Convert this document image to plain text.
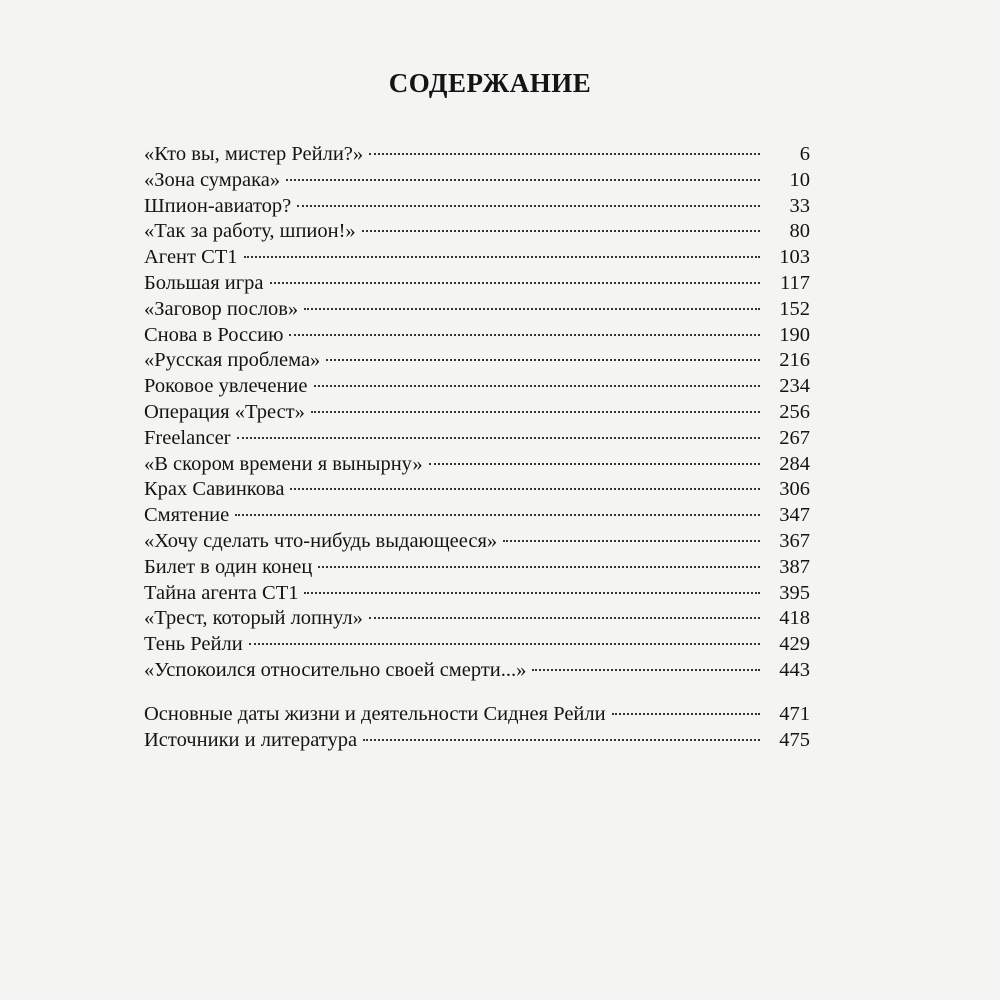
СОДЕРЖАНИЕ
«Кто вы, мистер Рейли?»	6
«Зона сумрака»	10
Шпион-авиатор?	33
«Так за работу, шпион!»	80
Агент СТ1	103
Большая игра	117
«Заговор послов»	152
Снова в Россию	190
«Русская проблема»	216
Роковое увлечение	234
Операция «Трест»	256
Freelancer	267
«В скором времени я вынырну»	284
Крах Савинкова	306
Смятение	347
«Хочу сделать что-нибудь выдающееся»	367
Билет в один конец	387
Тайна агента СТ1	395
«Трест, который лопнул»	418
Тень Рейли	429
«Успокоился относительно своей смерти...»	443
Основные даты жизни и деятельности Сиднея Рейли	471
Источники и литература	475
